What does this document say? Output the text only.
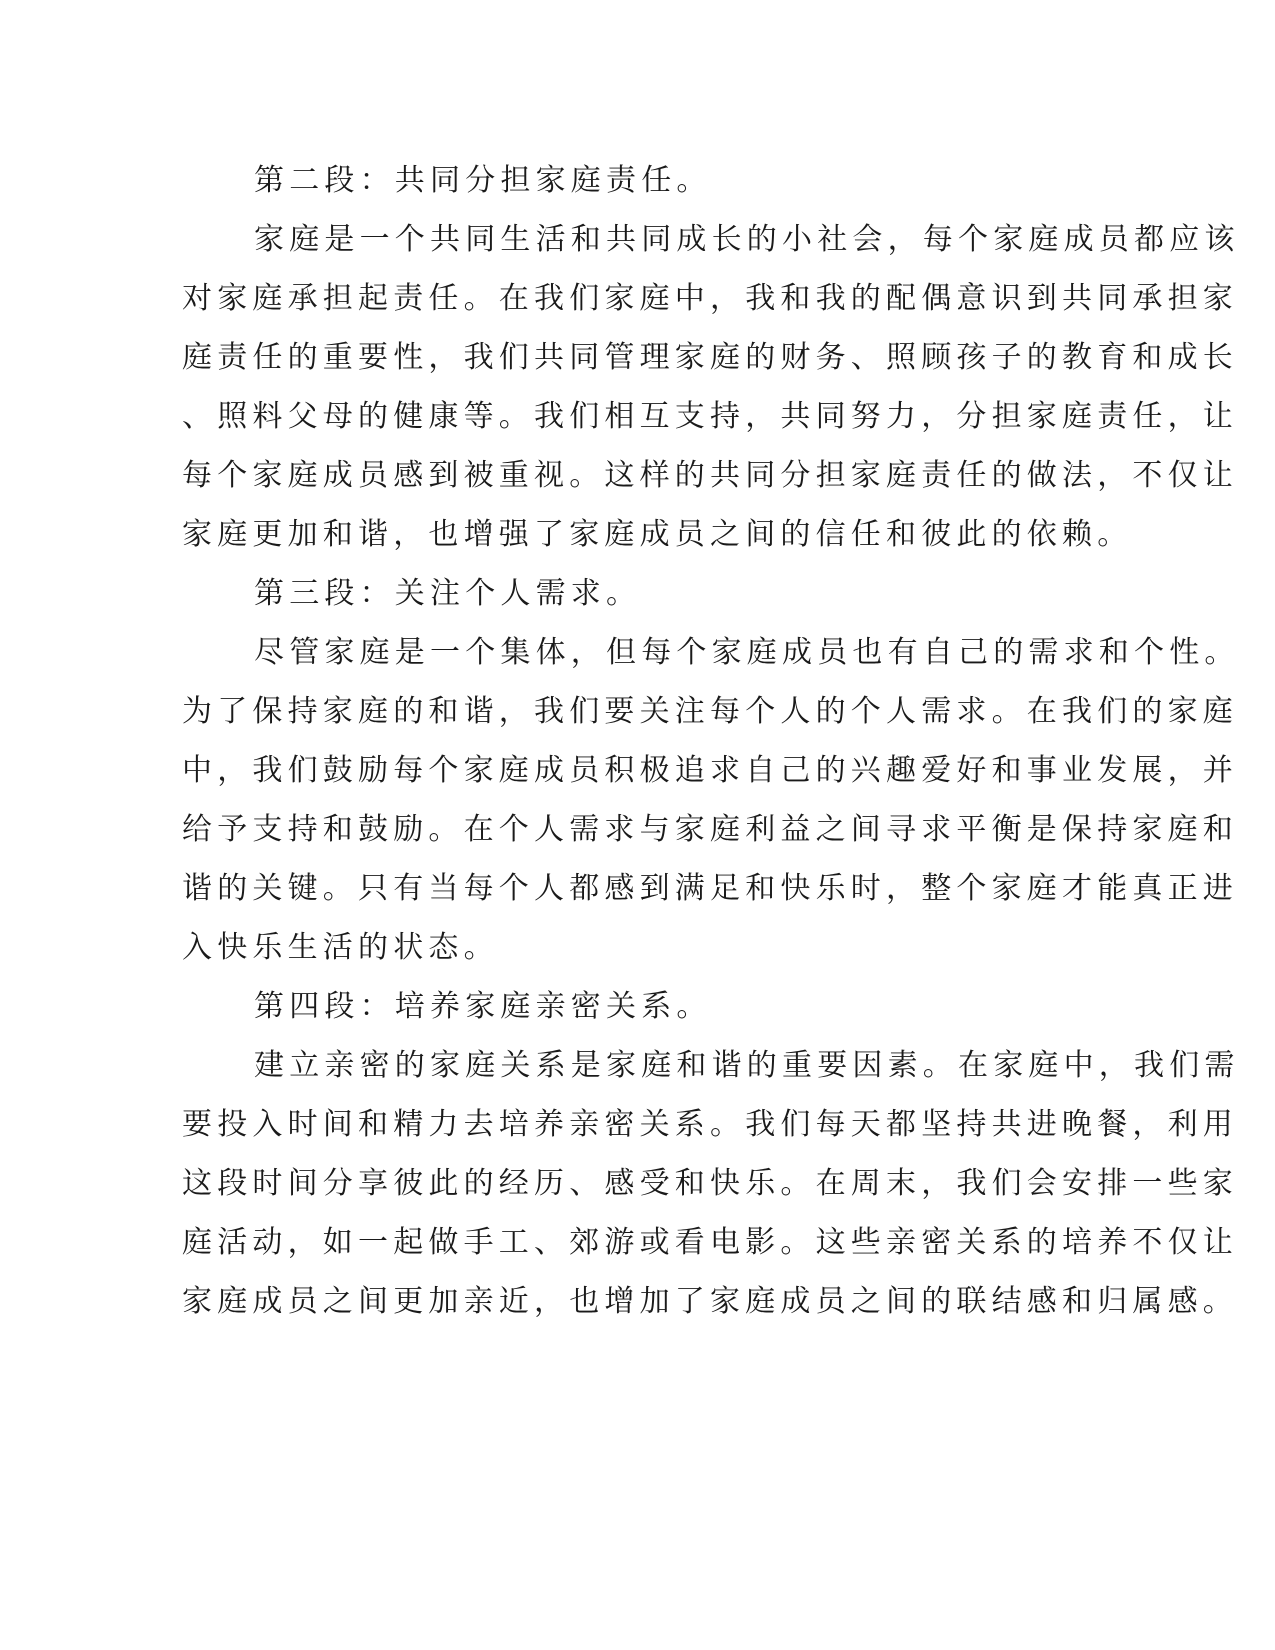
第二段：共同分担家庭责任。

家庭是一个共同生活和共同成长的小社会，每个家庭成员都应该

对家庭承担起责任。在我们家庭中，我和我的配偶意识到共同承担家

庭责任的重要性，我们共同管理家庭的财务、照顾孩子的教育和成长

、照料父母的健康等。我们相互支持，共同努力，分担家庭责任，让

每个家庭成员感到被重视。这样的共同分担家庭责任的做法，不仅让

家庭更加和谐，也增强了家庭成员之间的信任和彼此的依赖。

第三段：关注个人需求。

尽管家庭是一个集体，但每个家庭成员也有自己的需求和个性。

为了保持家庭的和谐，我们要关注每个人的个人需求。在我们的家庭

中，我们鼓励每个家庭成员积极追求自己的兴趣爱好和事业发展，并

给予支持和鼓励。在个人需求与家庭利益之间寻求平衡是保持家庭和

谐的关键。只有当每个人都感到满足和快乐时，整个家庭才能真正进

入快乐生活的状态。

第四段：培养家庭亲密关系。

建立亲密的家庭关系是家庭和谐的重要因素。在家庭中，我们需

要投入时间和精力去培养亲密关系。我们每天都坚持共进晚餐，利用

这段时间分享彼此的经历、感受和快乐。在周末，我们会安排一些家

庭活动，如一起做手工、郊游或看电影。这些亲密关系的培养不仅让

家庭成员之间更加亲近，也增加了家庭成员之间的联结感和归属感。
